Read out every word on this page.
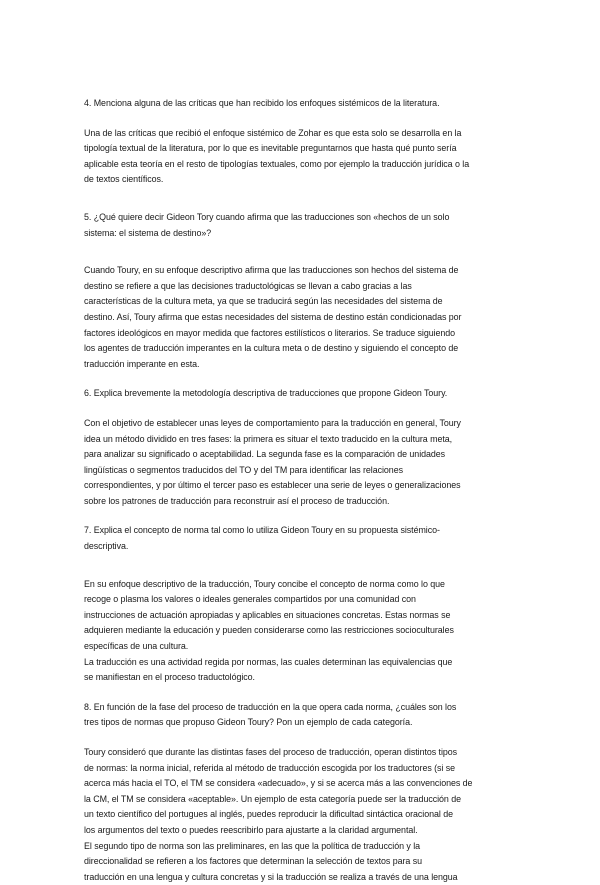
4. Menciona alguna de las críticas que han recibido los enfoques sistémicos de la literatura.

Una de las críticas que recibió el enfoque sistémico de Zohar es que esta solo se desarrolla en la
tipología textual de la literatura, por lo que es inevitable preguntarnos que hasta qué punto sería
aplicable esta teoría en el resto de tipologías textuales, como por ejemplo la traducción jurídica o la
de textos científicos.

5. ¿Qué quiere decir Gideon Tory cuando afirma que las traducciones son «hechos de un solo
sistema: el sistema de destino»?

Cuando Toury, en su enfoque descriptivo afirma que las traducciones son hechos del sistema de
destino se refiere a que las decisiones traductológicas se llevan a cabo gracias a las
características de la cultura meta, ya que se traducirá según las necesidades del sistema de
destino. Así, Toury afirma que estas necesidades del sistema de destino están condicionadas por
factores ideológicos en mayor medida que factores estilísticos o literarios. Se traduce siguiendo
los agentes de traducción imperantes en la cultura meta o de destino y siguiendo el concepto de
traducción imperante en esta.

6. Explica brevemente la metodología descriptiva de traducciones que propone Gideon Toury.

Con el objetivo de establecer unas leyes de comportamiento para la traducción en general, Toury
idea un método dividido en tres fases: la primera es situar el texto traducido en la cultura meta,
para analizar su significado o aceptabilidad. La segunda fase es la comparación de unidades
lingüísticas o segmentos traducidos del TO y del TM para identificar las relaciones
correspondientes, y por último el tercer paso es establecer una serie de leyes o generalizaciones
sobre los patrones de traducción para reconstruir así el proceso de traducción.

7. Explica el concepto de norma tal como lo utiliza Gideon Toury en su propuesta sistémico-
descriptiva.

En su enfoque descriptivo de la traducción, Toury concibe el concepto de norma como lo que
recoge o plasma los valores o ideales generales compartidos por una comunidad con
instrucciones de actuación apropiadas y aplicables en situaciones concretas. Estas normas se
adquieren mediante la educación y pueden considerarse como las restricciones socioculturales
específicas de una cultura.
La traducción es una actividad regida por normas, las cuales determinan las equivalencias que
se manifiestan en el proceso traductológico.

8. En función de la fase del proceso de traducción en la que opera cada norma, ¿cuáles son los
tres tipos de normas que propuso Gideon Toury? Pon un ejemplo de cada categoría.

Toury consideró que durante las distintas fases del proceso de traducción, operan distintos tipos
de normas: la norma inicial, referida al método de traducción escogida por los traductores (si se
acerca más hacia el TO, el TM se considera «adecuado», y si se acerca más a las convenciones de
la CM, el TM se considera «aceptable». Un ejemplo de esta categoría puede ser la traducción de
un texto científico del portugues al inglés, puedes reproducir la dificultad sintáctica oracional de
los argumentos del texto o puedes reescribirlo para ajustarte a la claridad argumental.
El segundo tipo de norma son las preliminares, en las que la política de traducción y la
direccionalidad se refieren a los factores que determinan la selección de textos para su
traducción en una lengua y cultura concretas y si la traducción se realiza a través de una lengua
